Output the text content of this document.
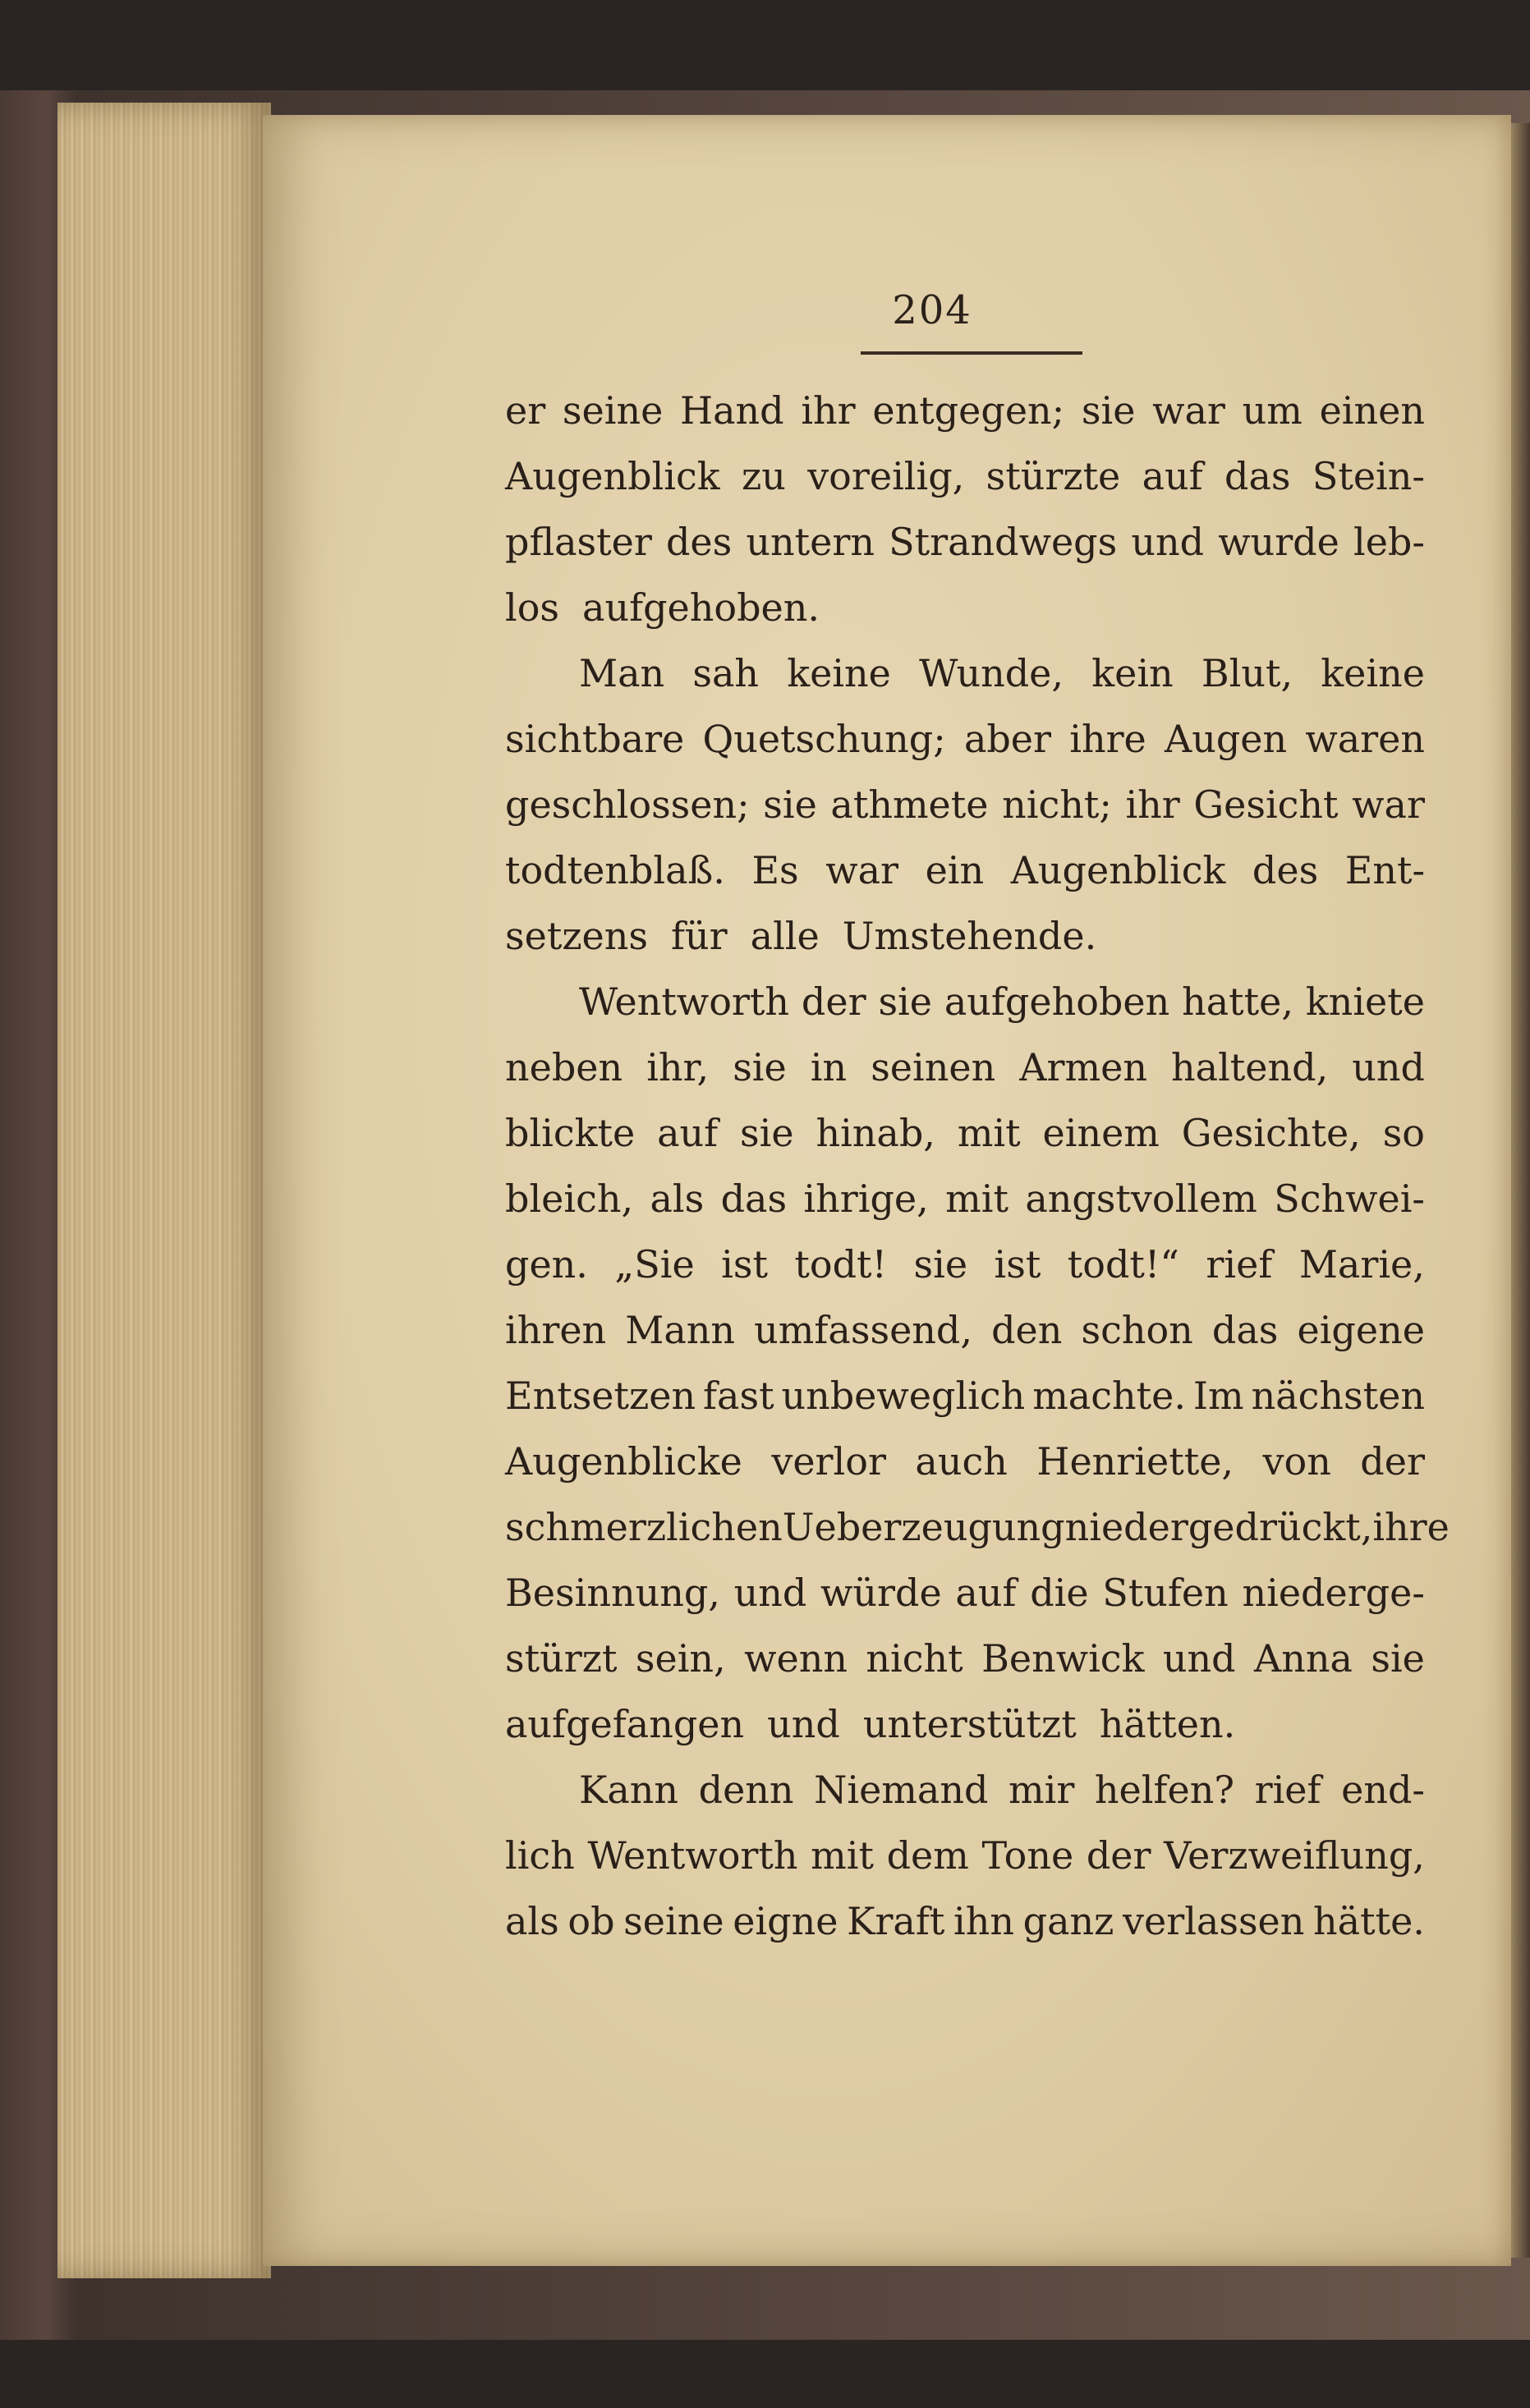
204
er seine Hand ihr entgegen; sie war um einen
Augenblick zu voreilig, stürzte auf das Stein-
pflaster des untern Strandwegs und wurde leb-
los aufgehoben.
Man sah keine Wunde, kein Blut, keine
sichtbare Quetschung; aber ihre Augen waren
geschlossen; sie athmete nicht; ihr Gesicht war
todtenblaß. Es war ein Augenblick des Ent-
setzens für alle Umstehende.
Wentworth der sie aufgehoben hatte, kniete
neben ihr, sie in seinen Armen haltend, und
blickte auf sie hinab, mit einem Gesichte, so
bleich, als das ihrige, mit angstvollem Schwei-
gen. „Sie ist todt! sie ist todt!“ rief Marie,
ihren Mann umfassend, den schon das eigene
Entsetzen fast unbeweglich machte. Im nächsten
Augenblicke verlor auch Henriette, von der
schmerzlichen Ueberzeugung niedergedrückt, ihre
Besinnung, und würde auf die Stufen niederge-
stürzt sein, wenn nicht Benwick und Anna sie
aufgefangen und unterstützt hätten.
Kann denn Niemand mir helfen? rief end-
lich Wentworth mit dem Tone der Verzweiflung,
als ob seine eigne Kraft ihn ganz verlassen hätte.
